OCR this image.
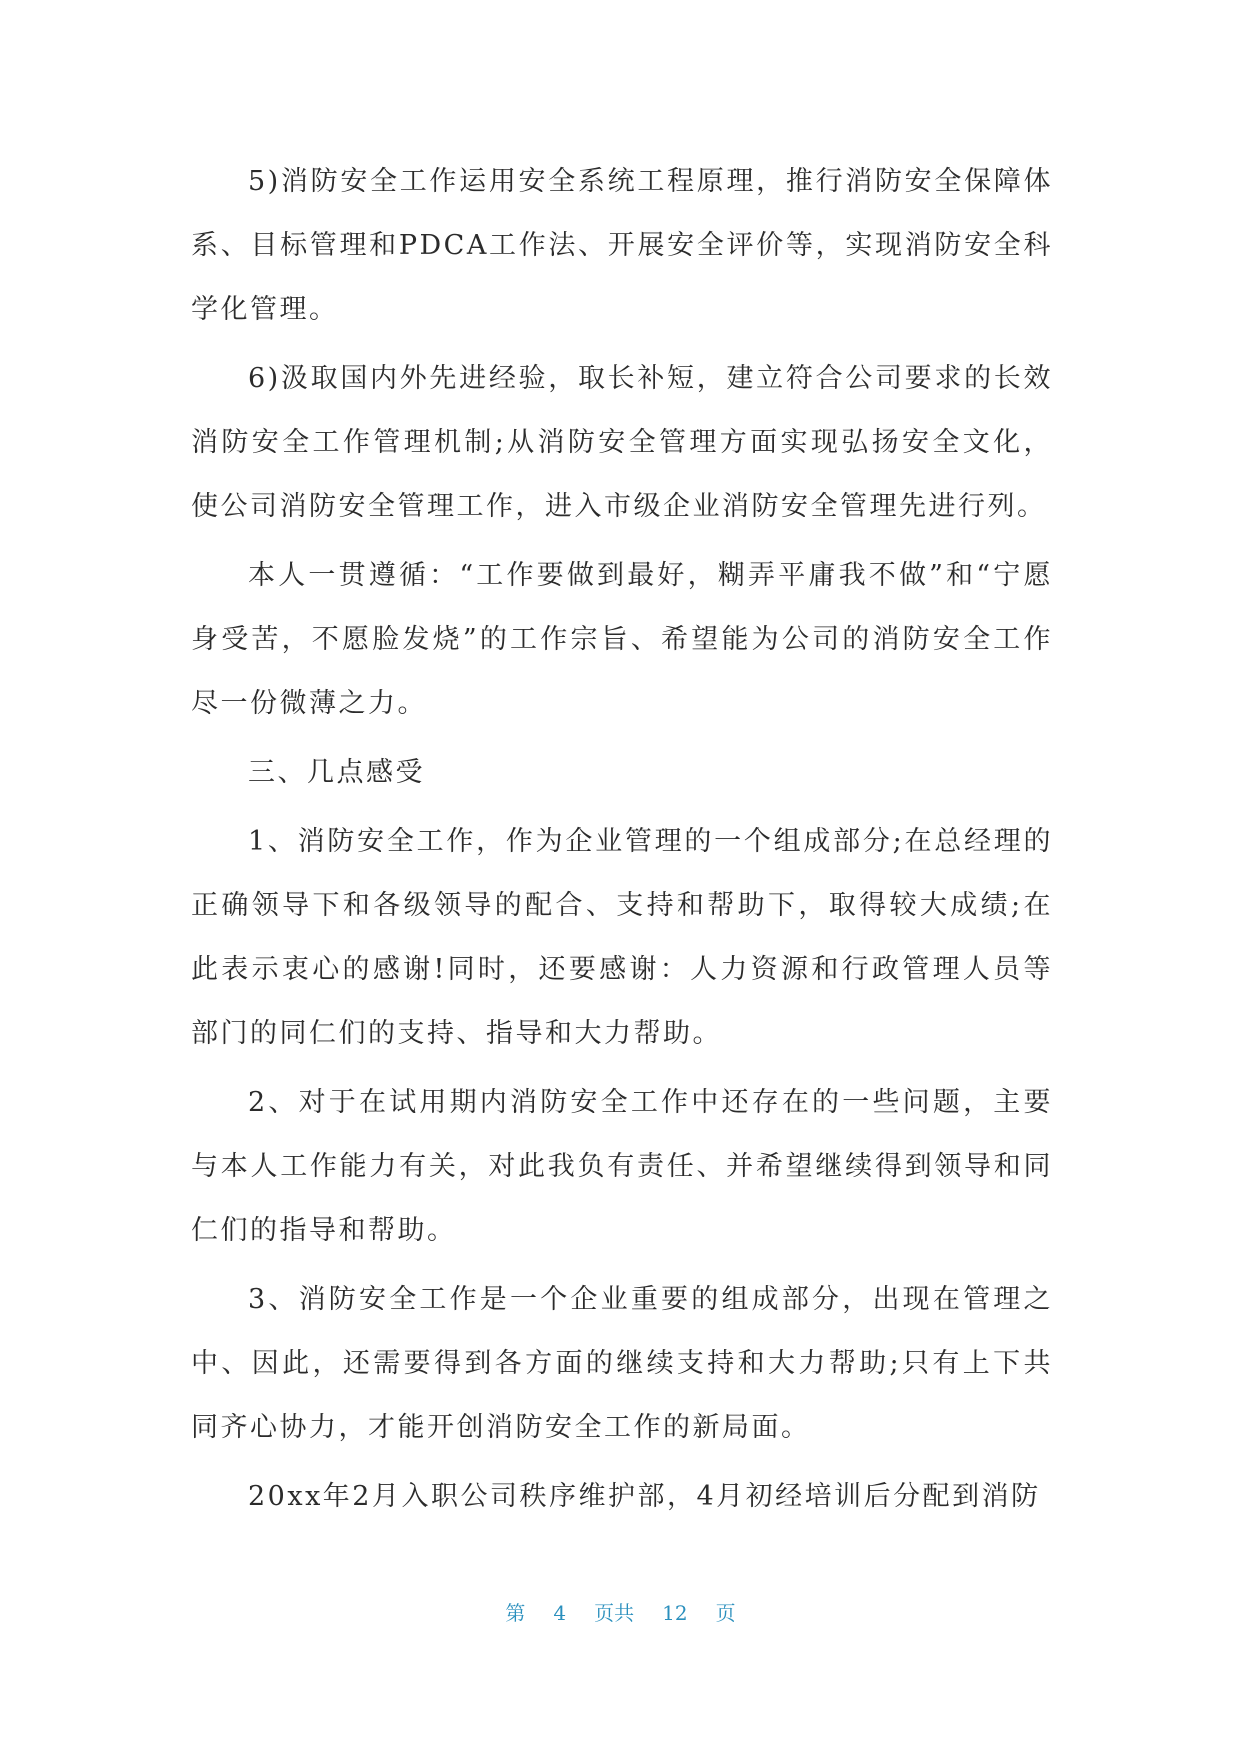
5)消防安全工作运用安全系统工程原理，推行消防安全保障体系、目标管理和PDCA工作法、开展安全评价等，实现消防安全科学化管理。

6)汲取国内外先进经验，取长补短，建立符合公司要求的长效消防安全工作管理机制;从消防安全管理方面实现弘扬安全文化，使公司消防安全管理工作，进入市级企业消防安全管理先进行列。

本人一贯遵循：“工作要做到最好，糊弄平庸我不做”和“宁愿身受苦，不愿脸发烧”的工作宗旨、希望能为公司的消防安全工作尽一份微薄之力。

三、几点感受

1、消防安全工作，作为企业管理的一个组成部分;在总经理的正确领导下和各级领导的配合、支持和帮助下，取得较大成绩;在此表示衷心的感谢!同时，还要感谢：人力资源和行政管理人员等部门的同仁们的支持、指导和大力帮助。

2、对于在试用期内消防安全工作中还存在的一些问题，主要与本人工作能力有关，对此我负有责任、并希望继续得到领导和同仁们的指导和帮助。

3、消防安全工作是一个企业重要的组成部分，出现在管理之中、因此，还需要得到各方面的继续支持和大力帮助;只有上下共同齐心协力，才能开创消防安全工作的新局面。

20xx年2月入职公司秩序维护部，4月初经培训后分配到消防

第 4 页共 12 页
